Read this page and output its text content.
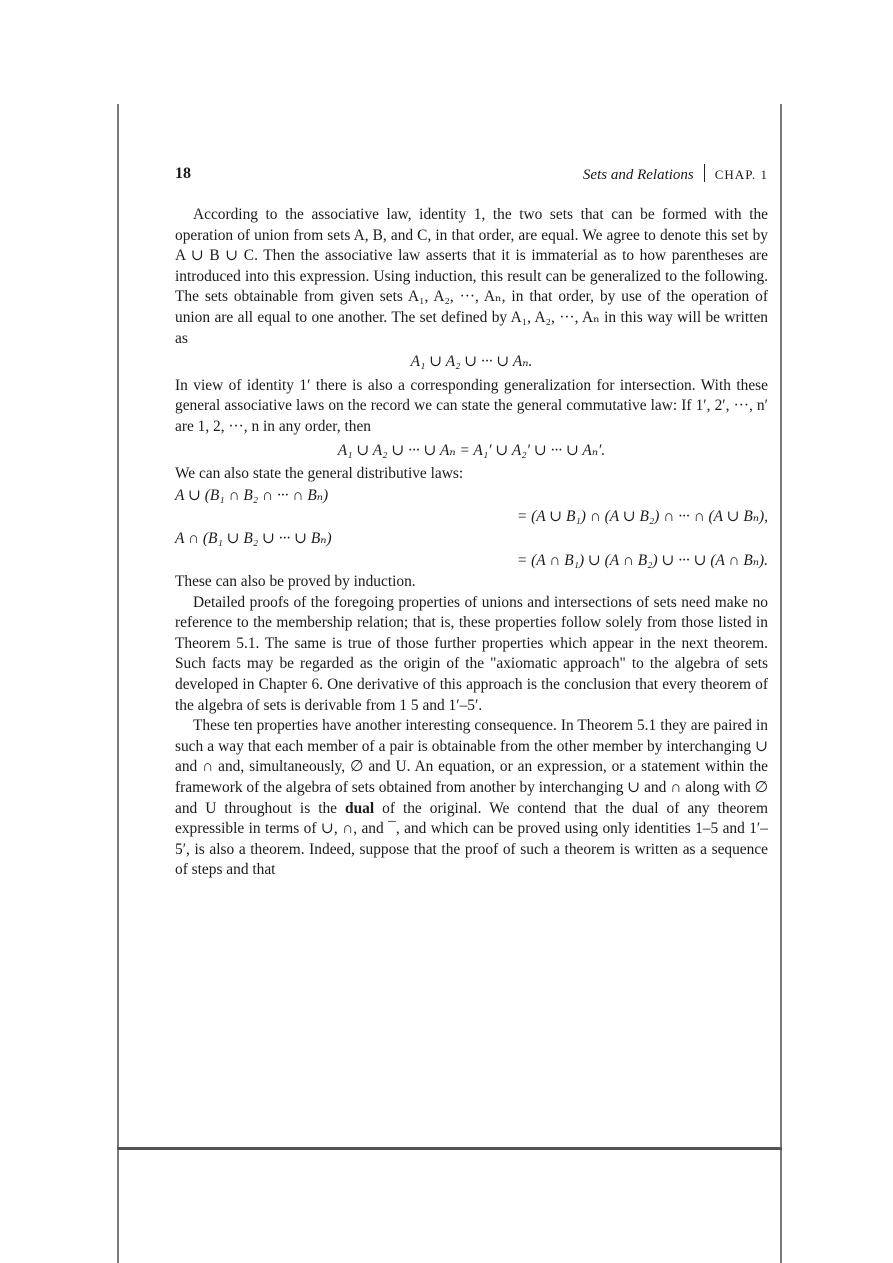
18	Sets and Relations CHAP. 1

According to the associative law, identity 1, the two sets that can be formed with the operation of union from sets A, B, and C, in that order, are equal. We agree to denote this set by A ∪ B ∪ C. Then the associative law asserts that it is immaterial as to how parentheses are introduced into this expression. Using induction, this result can be generalized to the following. The sets obtainable from given sets A₁, A₂, ···, Aₙ, in that order, by use of the operation of union are all equal to one another. The set defined by A₁, A₂, ···, Aₙ in this way will be written as

A₁ ∪ A₂ ∪ ··· ∪ Aₙ.

In view of identity 1′ there is also a corresponding generalization for intersection. With these general associative laws on the record we can state the general commutative law: If 1′, 2′, ···, n′ are 1, 2, ···, n in any order, then

A₁ ∪ A₂ ∪ ··· ∪ Aₙ = A₁′ ∪ A₂′ ∪ ··· ∪ Aₙ′.

We can also state the general distributive laws:

A ∪ (B₁ ∩ B₂ ∩ ··· ∩ Bₙ)
= (A ∪ B₁) ∩ (A ∪ B₂) ∩ ··· ∩ (A ∪ Bₙ),
A ∩ (B₁ ∪ B₂ ∪ ··· ∪ Bₙ)
= (A ∩ B₁) ∪ (A ∩ B₂) ∪ ··· ∪ (A ∩ Bₙ).

These can also be proved by induction.

Detailed proofs of the foregoing properties of unions and intersections of sets need make no reference to the membership relation; that is, these properties follow solely from those listed in Theorem 5.1. The same is true of those further properties which appear in the next theorem. Such facts may be regarded as the origin of the "axiomatic approach" to the algebra of sets developed in Chapter 6. One derivative of this approach is the conclusion that every theorem of the algebra of sets is derivable from 1 5 and 1′–5′.

These ten properties have another interesting consequence. In Theorem 5.1 they are paired in such a way that each member of a pair is obtainable from the other member by interchanging ∪ and ∩ and, simultaneously, ∅ and U. An equation, or an expression, or a statement within the framework of the algebra of sets obtained from another by interchanging ∪ and ∩ along with ∅ and U throughout is the dual of the original. We contend that the dual of any theorem expressible in terms of ∪, ∩, and ¯, and which can be proved using only identities 1–5 and 1′–5′, is also a theorem. Indeed, suppose that the proof of such a theorem is written as a sequence of steps and that
